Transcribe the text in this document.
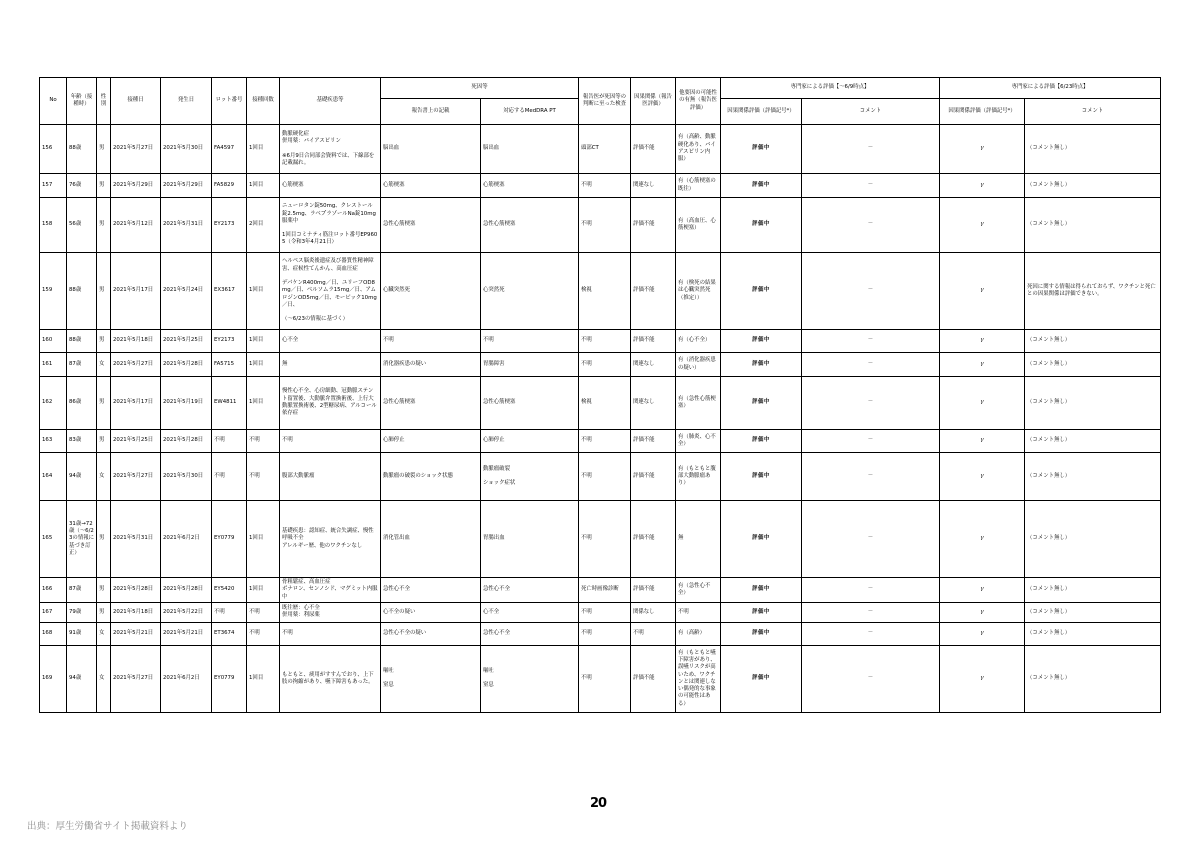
No	年齢（接種時）	性別	接種日	発生日	ロット番号	接種回数	基礎疾患等	死因等		報告医が死因等の判断に至った検査	因果関係（報告医評価）	他要因の可能性の有無（報告医評価）	専門家による評価【～6/9時点】		専門家による評価【6/23時点】	
								報告書上の記載	対応するMedDRA PT				因果関係評価（評価記号*）	コメント	因果関係評価（評価記号*）	コメント
156	88歳	男	2021年5月27日	2021年5月30日	FA4597	1回目	動脈硬化症
併用薬：バイアスピリン
※6月9日合同部会資料では、下線部を記載漏れ。	脳出血	脳出血	頭部CT	評価不能	有（高齢、動脈硬化あり、バイアスピリン内服）	評価中	－	γ	（コメント無し）
157	76歳	男	2021年5月29日	2021年5月29日	FA5829	1回目	心筋梗塞	心筋梗塞	心筋梗塞	不明	関連なし	有（心筋梗塞の既往）	評価中	－	γ	（コメント無し）
158	56歳	男	2021年5月12日	2021年5月31日	EY2173	2回目	ニューロタン錠50mg、クレストール錠2.5mg、ラベプラゾールNa錠10mg服薬中
1回目コミナティ筋注ロット番号EP9605（令和3年4月21日）	急性心筋梗塞	急性心筋梗塞	不明	評価不能	有（高血圧、心筋梗塞）	評価中	－	γ	（コメント無し）
159	88歳	男	2021年5月17日	2021年5月24日	EX3617	1回目	ヘルペス脳炎後遺症及び器質性精神障害、症候性てんかん、高血圧症
デパケンR400mg／日、ユリーフOD8mg／日、ベルソムラ15mg／日、アムロジンOD5mg／日、モービック10mg／日、
（～6/23の情報に基づく）	心臓突然死	心突然死	検視	評価不能	有（検死の結果は心臓突然死（推定））	評価中	－	γ	死因に関する情報は得られておらず、ワクチンと死亡との因果関係は評価できない。
160	88歳	男	2021年5月18日	2021年5月25日	EY2173	1回目	心不全	不明	不明	不明	評価不能	有（心不全）	評価中	－	γ	（コメント無し）
161	87歳	女	2021年5月27日	2021年5月28日	FA5715	1回目	無	消化器疾患の疑い	胃腸障害	不明	関連なし	有（消化器疾患の疑い）	評価中	－	γ	（コメント無し）
162	86歳	男	2021年5月17日	2021年5月19日	EW4811	1回目	慢性心不全、心房細動、冠動脈ステント留置後、大動脈弁置換術後、上行大動脈置換術後、2型糖尿病、アルコール依存症	急性心筋梗塞	急性心筋梗塞	検視	関連なし	有（急性心筋梗塞）	評価中	－	γ	（コメント無し）
163	83歳	男	2021年5月25日	2021年5月28日	不明	不明	不明	心肺停止	心肺停止	不明	評価不能	有（肺炎、心不全）	評価中	－	γ	（コメント無し）
164	94歳	女	2021年5月27日	2021年5月30日	不明	不明	腹部大動脈瘤	動脈瘤の破裂のショック状態	動脈瘤破裂
ショック症状	不明	評価不能	有（もともと腹部大動脈瘤あり）	評価中	－	γ	（コメント無し）
165	31歳→72歳（～6/23の情報に基づき訂正）	男	2021年5月31日	2021年6月2日	EY0779	1回目	基礎疾患：認知症、統合失調症、慢性呼吸不全
アレルギー歴、他のワクチンなし	消化管出血	胃腸出血	不明	評価不能	無	評価中	－	γ	（コメント無し）
166	87歳	男	2021年5月28日	2021年5月28日	EY5420	1回目	骨粗鬆症、高血圧症
ボナロン、センノシド、マグミット内服中	急性心不全	急性心不全	死亡時画像診断	評価不能	有（急性心不全）	評価中	－	γ	（コメント無し）
167	79歳	男	2021年5月18日	2021年5月22日	不明	不明	既往歴：心不全
併用薬：利尿薬	心不全の疑い	心不全	不明	関係なし	不明	評価中	－	γ	（コメント無し）
168	91歳	女	2021年5月21日	2021年5月21日	ET3674	不明	不明	急性心不全の疑い	急性心不全	不明	不明	有（高齢）	評価中	－	γ	（コメント無し）
169	94歳	女	2021年5月27日	2021年6月2日	EY0779	1回目	もともと、痰用がすすんでおり、上下肢の拘縮があり、嚥下障害もあった。	嘔吐
窒息	嘔吐
窒息	不明	評価不能	有（もともと嚥下障害があり、誤嚥リスクが高いため、ワクチンとは関連しない偶発的な事象の可能性はある）	評価中	－	γ	（コメント無し）
20
出典：厚生労働省サイト掲載資料より
